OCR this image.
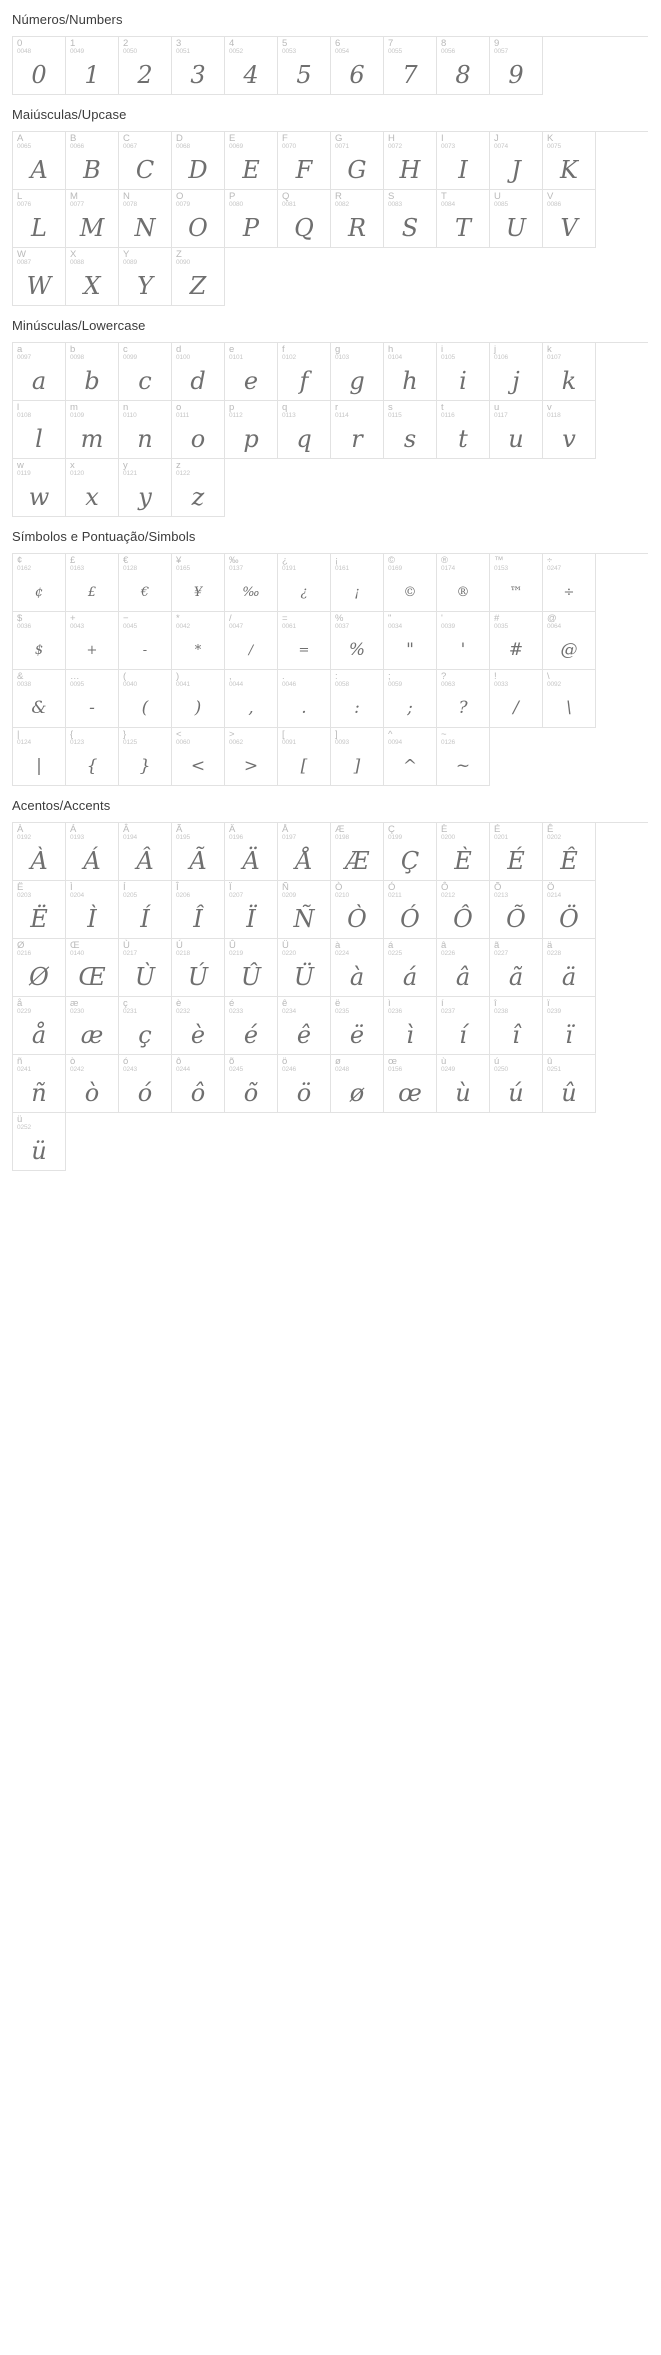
Números/Numbers
0
0048
0
1
0049
1
2
0050
2
3
0051
3
4
0052
4
5
0053
5
6
0054
6
7
0055
7
8
0056
8
9
0057
9
Maiúsculas/Upcase
A
0065
A
B
0066
B
C
0067
C
D
0068
D
E
0069
E
F
0070
F
G
0071
G
H
0072
H
I
0073
I
J
0074
J
K
0075
K
L
0076
L
M
0077
M
N
0078
N
O
0079
O
P
0080
P
Q
0081
Q
R
0082
R
S
0083
S
T
0084
T
U
0085
U
V
0086
V
W
0087
W
X
0088
X
Y
0089
Y
Z
0090
Z
Minúsculas/Lowercase
a
0097
a
b
0098
b
c
0099
c
d
0100
d
e
0101
e
f
0102
f
g
0103
g
h
0104
h
i
0105
i
j
0106
j
k
0107
k
l
0108
l
m
0109
m
n
0110
n
o
0111
o
p
0112
p
q
0113
q
r
0114
r
s
0115
s
t
0116
t
u
0117
u
v
0118
v
w
0119
w
x
0120
x
y
0121
y
z
0122
z
Símbolos e Pontuação/Simbols
¢
0162
¢
£
0163
£
€
0128
€
¥
0165
¥
‰
0137
‰
¿
0191
¿
¡
0161
¡
©
0169
©
®
0174
®
™
0153
™
÷
0247
÷
$
0036
$
+
0043
+
−
0045
-
*
0042
*
/
0047
/
=
0061
=
%
0037
%
"
0034
"
'
0039
'
#
0035
#
@
0064
@
&
0038
&
…
0095
-
(
0040
(
)
0041
)
,
0044
,
.
0046
.
:
0058
:
;
0059
;
?
0063
?
!
0033
/
\
0092
\
|
0124
|
{
0123
{
}
0125
}
<
0060
<
>
0062
>
[
0091
[
]
0093
]
^
0094
^
~
0126
~
Acentos/Accents
À
0192
À
Á
0193
Á
Â
0194
Â
Ã
0195
Ã
Ä
0196
Ä
Å
0197
Å
Æ
0198
Æ
Ç
0199
Ç
È
0200
È
É
0201
É
Ê
0202
Ê
Ë
0203
Ë
Ì
0204
Ì
Í
0205
Í
Î
0206
Î
Ï
0207
Ï
Ñ
0209
Ñ
Ò
0210
Ò
Ó
0211
Ó
Ô
0212
Ô
Õ
0213
Õ
Ö
0214
Ö
Ø
0216
Ø
Œ
0140
Œ
Ù
0217
Ù
Ú
0218
Ú
Û
0219
Û
Ü
0220
Ü
à
0224
à
á
0225
á
â
0226
â
ã
0227
ã
ä
0228
ä
å
0229
å
æ
0230
æ
ç
0231
ç
è
0232
è
é
0233
é
ê
0234
ê
ë
0235
ë
ì
0236
ì
í
0237
í
î
0238
î
ï
0239
ï
ñ
0241
ñ
ò
0242
ò
ó
0243
ó
ô
0244
ô
õ
0245
õ
ö
0246
ö
ø
0248
ø
œ
0156
œ
ù
0249
ù
ú
0250
ú
û
0251
û
ü
0252
ü
